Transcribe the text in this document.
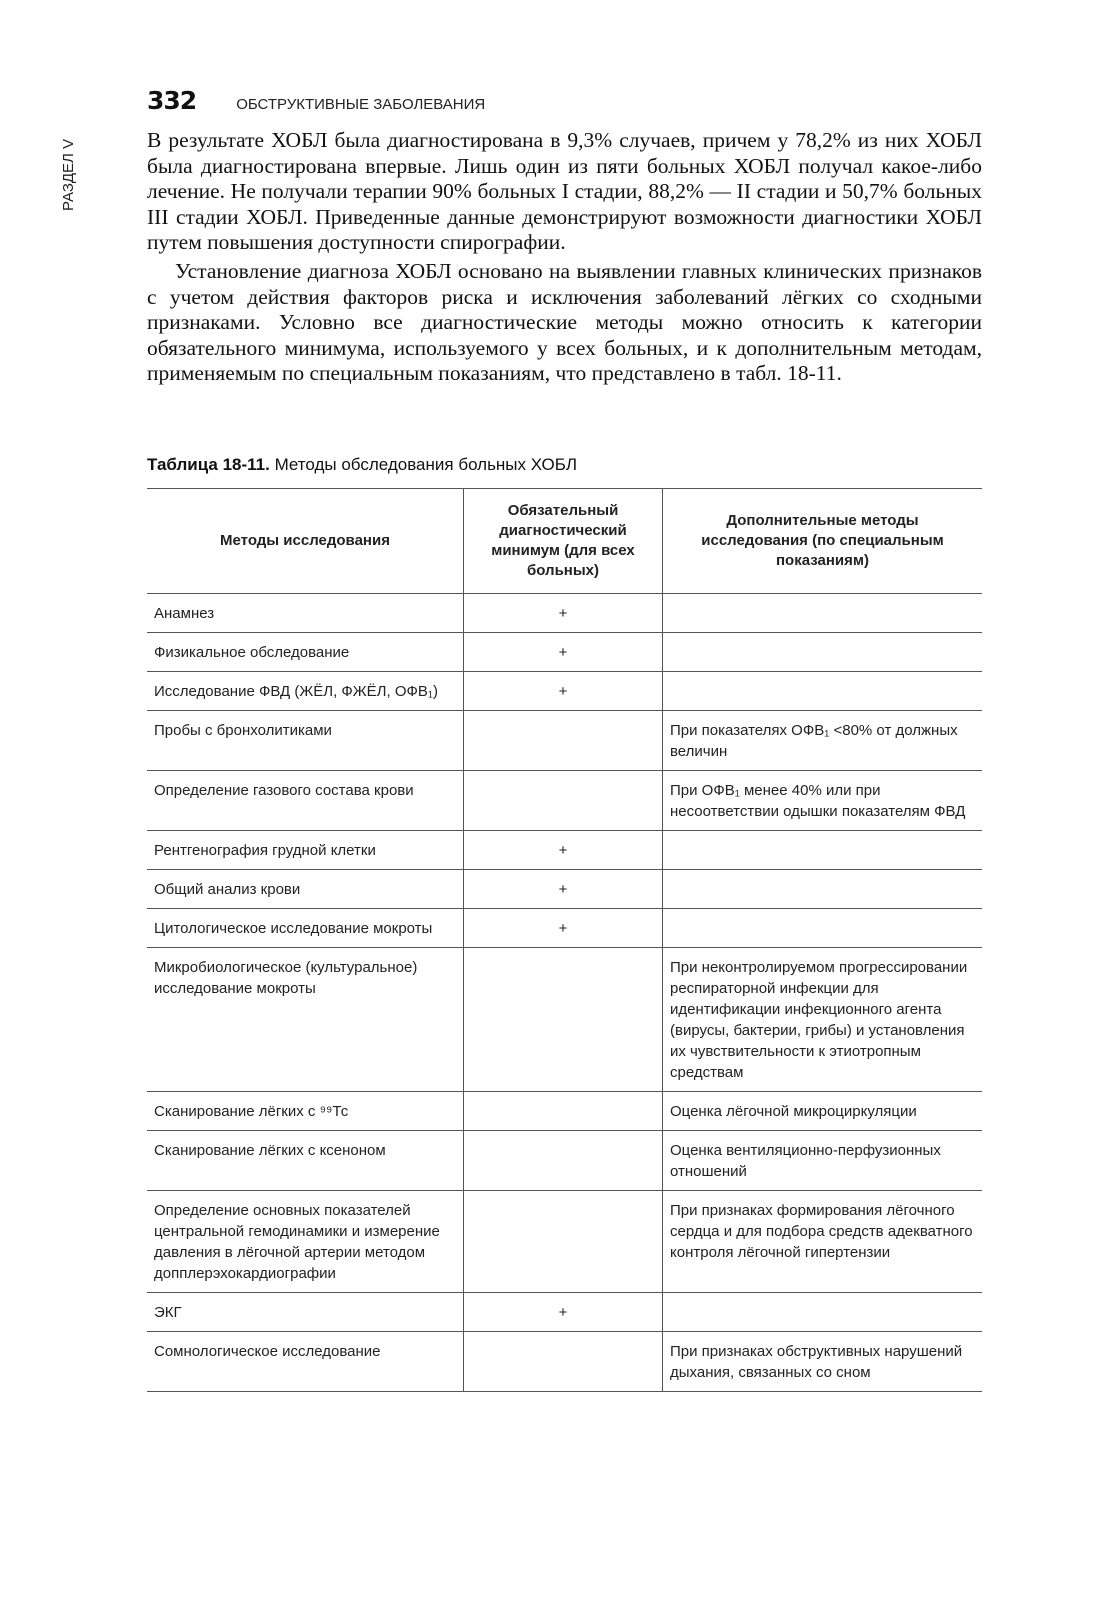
РАЗДЕЛ V
332	ОБСТРУКТИВНЫЕ ЗАБОЛЕВАНИЯ

В результате ХОБЛ была диагностирована в 9,3% случаев, причем у 78,2% из них ХОБЛ была диагностирована впервые. Лишь один из пяти больных ХОБЛ получал какое-либо лечение. Не получали терапии 90% больных I стадии, 88,2% — II стадии и 50,7% больных III стадии ХОБЛ. Приведенные данные демонстрируют возможности диагностики ХОБЛ путем повышения доступности спирографии.

Установление диагноза ХОБЛ основано на выявлении главных клинических признаков с учетом действия факторов риска и исключения заболеваний лёгких со сходными признаками. Условно все диагностические методы можно относить к категории обязательного минимума, используемого у всех больных, и к дополнительным методам, применяемым по специальным показаниям, что представлено в табл. 18-11.

Таблица 18-11. Методы обследования больных ХОБЛ
Методы исследования	Обязательный диагностический минимум (для всех больных)	Дополнительные методы исследования (по специальным показаниям)
Анамнез	+	
Физикальное обследование	+	
Исследование ФВД (ЖЁЛ, ФЖЁЛ, ОФВ₁)	+	
Пробы с бронхолитиками		При показателях ОФВ₁ <80% от должных величин
Определение газового состава крови		При ОФВ₁ менее 40% или при несоответствии одышки показателям ФВД
Рентгенография грудной клетки	+	
Общий анализ крови	+	
Цитологическое исследование мокроты	+	
Микробиологическое (культуральное) исследование мокроты		При неконтролируемом прогрессировании респираторной инфекции для идентификации инфекционного агента (вирусы, бактерии, грибы) и установления их чувствительности к этиотропным средствам
Сканирование лёгких с ⁹⁹Тс		Оценка лёгочной микроциркуляции
Сканирование лёгких с ксеноном		Оценка вентиляционно-перфузионных отношений
Определение основных показателей центральной гемодинамики и измерение давления в лёгочной артерии методом допплерэхокардиографии		При признаках формирования лёгочного сердца и для подбора средств адекватного контроля лёгочной гипертензии
ЭКГ	+	
Сомнологическое исследование		При признаках обструктивных нарушений дыхания, связанных со сном
